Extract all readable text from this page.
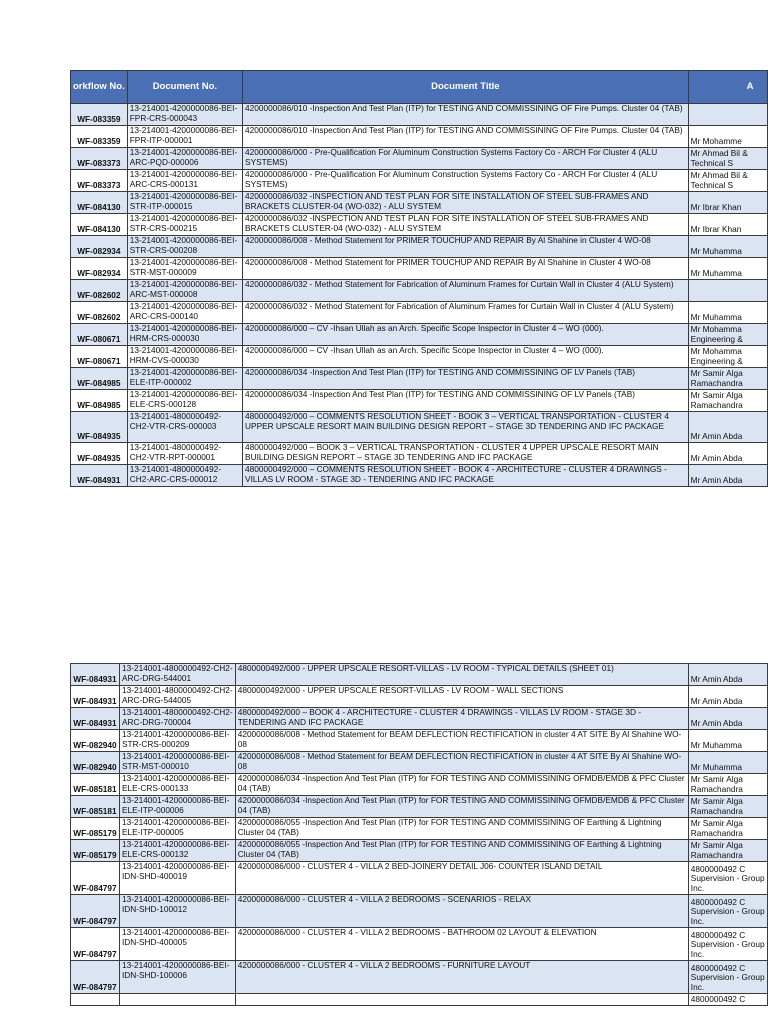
orkflow No.	Document No.	Document Title	A
WF-083359	13-214001-4200000086-BEI-FPR-CRS-000043	4200000086/010 -Inspection And Test Plan (ITP) for TESTING AND COMMISSINING OF Fire Pumps. Cluster 04 (TAB)	
WF-083359	13-214001-4200000086-BEI-FPR-ITP-000001	4200000086/010 -Inspection And Test Plan (ITP) for TESTING AND COMMISSINING OF Fire Pumps. Cluster 04 (TAB)	Mr Mohamme
WF-083373	13-214001-4200000086-BEI-ARC-PQD-000006	4200000086/000 - Pre-Qualification For Aluminum Construction Systems Factory Co - ARCH For Cluster 4 (ALU SYSTEMS)	Mr Ahmad Bil & Technical S
WF-083373	13-214001-4200000086-BEI-ARC-CRS-000131	4200000086/000 - Pre-Qualification For Aluminum Construction Systems Factory Co - ARCH For Cluster 4 (ALU SYSTEMS)	Mr Ahmad Bil & Technical S
WF-084130	13-214001-4200000086-BEI-STR-ITP-000015	4200000086/032 -INSPECTION AND TEST PLAN FOR SITE INSTALLATION OF STEEL SUB-FRAMES AND BRACKETS CLUSTER-04 (WO-032) - ALU SYSTEM	Mr Ibrar Khan
WF-084130	13-214001-4200000086-BEI-STR-CRS-000215	4200000086/032 -INSPECTION AND TEST PLAN FOR SITE INSTALLATION OF STEEL SUB-FRAMES AND BRACKETS CLUSTER-04 (WO-032) - ALU SYSTEM	Mr Ibrar Khan
WF-082934	13-214001-4200000086-BEI-STR-CRS-000208	4200000086/008 - Method Statement for PRIMER TOUCHUP AND REPAIR By Al Shahine in Cluster 4 WO-08	Mr Muhamma
WF-082934	13-214001-4200000086-BEI-STR-MST-000009	4200000086/008 - Method Statement for PRIMER TOUCHUP AND REPAIR By Al Shahine in Cluster 4 WO-08	Mr Muhamma
WF-082602	13-214001-4200000086-BEI-ARC-MST-000008	4200000086/032 - Method Statement for Fabrication of Aluminum Frames for Curtain Wall in Cluster 4 (ALU System)	
WF-082602	13-214001-4200000086-BEI-ARC-CRS-000140	4200000086/032 - Method Statement for Fabrication of Aluminum Frames for Curtain Wall in Cluster 4 (ALU System)	Mr Muhamma
WF-080671	13-214001-4200000086-BEI-HRM-CRS-000030	4200000086/000 – CV -Ihsan Ullah as an Arch. Specific Scope Inspector in Cluster 4 – WO (000).	Mr Mohamma Engineering &
WF-080671	13-214001-4200000086-BEI-HRM-CVS-000030	4200000086/000 – CV -Ihsan Ullah as an Arch. Specific Scope Inspector in Cluster 4 – WO (000).	Mr Mohamma Engineering &
WF-084985	13-214001-4200000086-BEI-ELE-ITP-000002	4200000086/034 -Inspection And Test Plan (ITP) for TESTING AND COMMISSINING OF LV Panels (TAB)	Mr Samir Alga Ramachandra
WF-084985	13-214001-4200000086-BEI-ELE-CRS-000128	4200000086/034 -Inspection And Test Plan (ITP) for TESTING AND COMMISSINING OF LV Panels (TAB)	Mr Samir Alga Ramachandra
WF-084935	13-214001-4800000492-CH2-VTR-CRS-000003	4800000492/000 – COMMENTS RESOLUTION SHEET - BOOK 3 – VERTICAL TRANSPORTATION - CLUSTER 4 UPPER UPSCALE RESORT MAIN BUILDING DESIGN REPORT – STAGE 3D TENDERING AND IFC PACKAGE	Mr Amin Abda
WF-084935	13-214001-4800000492-CH2-VTR-RPT-000001	4800000492/000 – BOOK 3 – VERTICAL TRANSPORTATION - CLUSTER 4 UPPER UPSCALE RESORT MAIN BUILDING DESIGN REPORT – STAGE 3D TENDERING AND IFC PACKAGE	Mr Amin Abda
WF-084931	13-214001-4800000492-CH2-ARC-CRS-000012	4800000492/000 – COMMENTS RESOLUTION SHEET - BOOK 4 - ARCHITECTURE - CLUSTER 4 DRAWINGS - VILLAS LV ROOM - STAGE 3D - TENDERING AND IFC PACKAGE	Mr Amin Abda
WF-084931	13-214001-4800000492-CH2-ARC-DRG-544001	4800000492/000 - UPPER UPSCALE RESORT-VILLAS - LV ROOM - TYPICAL DETAILS (SHEET 01)	Mr Amin Abda
WF-084931	13-214001-4800000492-CH2-ARC-DRG-544005	4800000492/000 - UPPER UPSCALE RESORT-VILLAS - LV ROOM - WALL SECTIONS	Mr Amin Abda
WF-084931	13-214001-4800000492-CH2-ARC-DRG-700004	4800000492/000 – BOOK 4 - ARCHITECTURE - CLUSTER 4 DRAWINGS - VILLAS LV ROOM - STAGE 3D - TENDERING AND IFC PACKAGE	Mr Amin Abda
WF-082940	13-214001-4200000086-BEI-STR-CRS-000209	4200000086/008 - Method Statement for BEAM DEFLECTION RECTIFICATION in cluster 4 AT SITE By Al Shahine WO-08	Mr Muhamma
WF-082940	13-214001-4200000086-BEI-STR-MST-000010	4200000086/008 - Method Statement for BEAM DEFLECTION RECTIFICATION in cluster 4 AT SITE By Al Shahine WO-08	Mr Muhamma
WF-085181	13-214001-4200000086-BEI-ELE-CRS-000133	4200000086/034 -Inspection And Test Plan (ITP) for FOR TESTING AND COMMISSINING OFMDB/EMDB & PFC Cluster 04 (TAB)	Mr Samir Alga Ramachandra
WF-085181	13-214001-4200000086-BEI-ELE-ITP-000006	4200000086/034 -Inspection And Test Plan (ITP) for FOR TESTING AND COMMISSINING OFMDB/EMDB & PFC Cluster 04 (TAB)	Mr Samir Alga Ramachandra
WF-085179	13-214001-4200000086-BEI-ELE-ITP-000005	4200000086/055 -Inspection And Test Plan (ITP) for FOR TESTING AND COMMISSINING OF Earthing & Lightning Cluster 04 (TAB)	Mr Samir Alga Ramachandra
WF-085179	13-214001-4200000086-BEI-ELE-CRS-000132	4200000086/055 -Inspection And Test Plan (ITP) for FOR TESTING AND COMMISSINING OF Earthing & Lightning Cluster 04 (TAB)	Mr Samir Alga Ramachandra
WF-084797	13-214001-4200000086-BEI-IDN-SHD-400019	4200000086/000 - CLUSTER 4 - VILLA 2 BED-JOINERY DETAIL J06- COUNTER ISLAND DETAIL	4800000492 C Supervision - Group Inc.
WF-084797	13-214001-4200000086-BEI-IDN-SHD-100012	4200000086/000 - CLUSTER 4 - VILLA 2 BEDROOMS - SCENARIOS - RELAX	4800000492 C Supervision - Group Inc.
WF-084797	13-214001-4200000086-BEI-IDN-SHD-400005	4200000086/000 - CLUSTER 4 - VILLA 2 BEDROOMS - BATHROOM 02 LAYOUT & ELEVATION	4800000492 C Supervision - Group Inc.
WF-084797	13-214001-4200000086-BEI-IDN-SHD-100006	4200000086/000 - CLUSTER 4 - VILLA 2 BEDROOMS - FURNITURE LAYOUT	4800000492 C Supervision - Group Inc.
			4800000492 C
